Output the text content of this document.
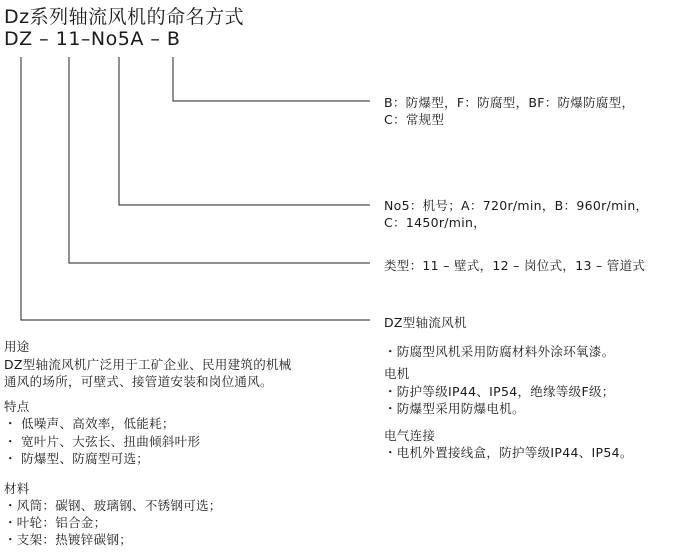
Dz系列轴流风机的命名方式
DZ – 11–No5A – B
B：防爆型，F：防腐型，BF：防爆防腐型，
C：常规型
No5：机号；A：720r/min，B：960r/min，
C：1450r/min，
类型：11 – 壁式，12 – 岗位式，13 – 管道式
DZ型轴流风机
用途
DZ型轴流风机广泛用于工矿企业、民用建筑的机械
通风的场所，可壁式、接管道安装和岗位通风。
特点
・ 低噪声、高效率，低能耗；
・ 宽叶片、大弦长、扭曲倾斜叶形
・ 防爆型、防腐型可选；
材料
・风筒：碳钢、玻璃钢、不锈钢可选；
・叶轮：铝合金；
・支架：热镀锌碳钢；
・防腐型风机采用防腐材料外涂环氧漆。
电机
・防护等级IP44、IP54，绝缘等级F级；
・防爆型采用防爆电机。
电气连接
・电机外置接线盒，防护等级IP44、IP54。
